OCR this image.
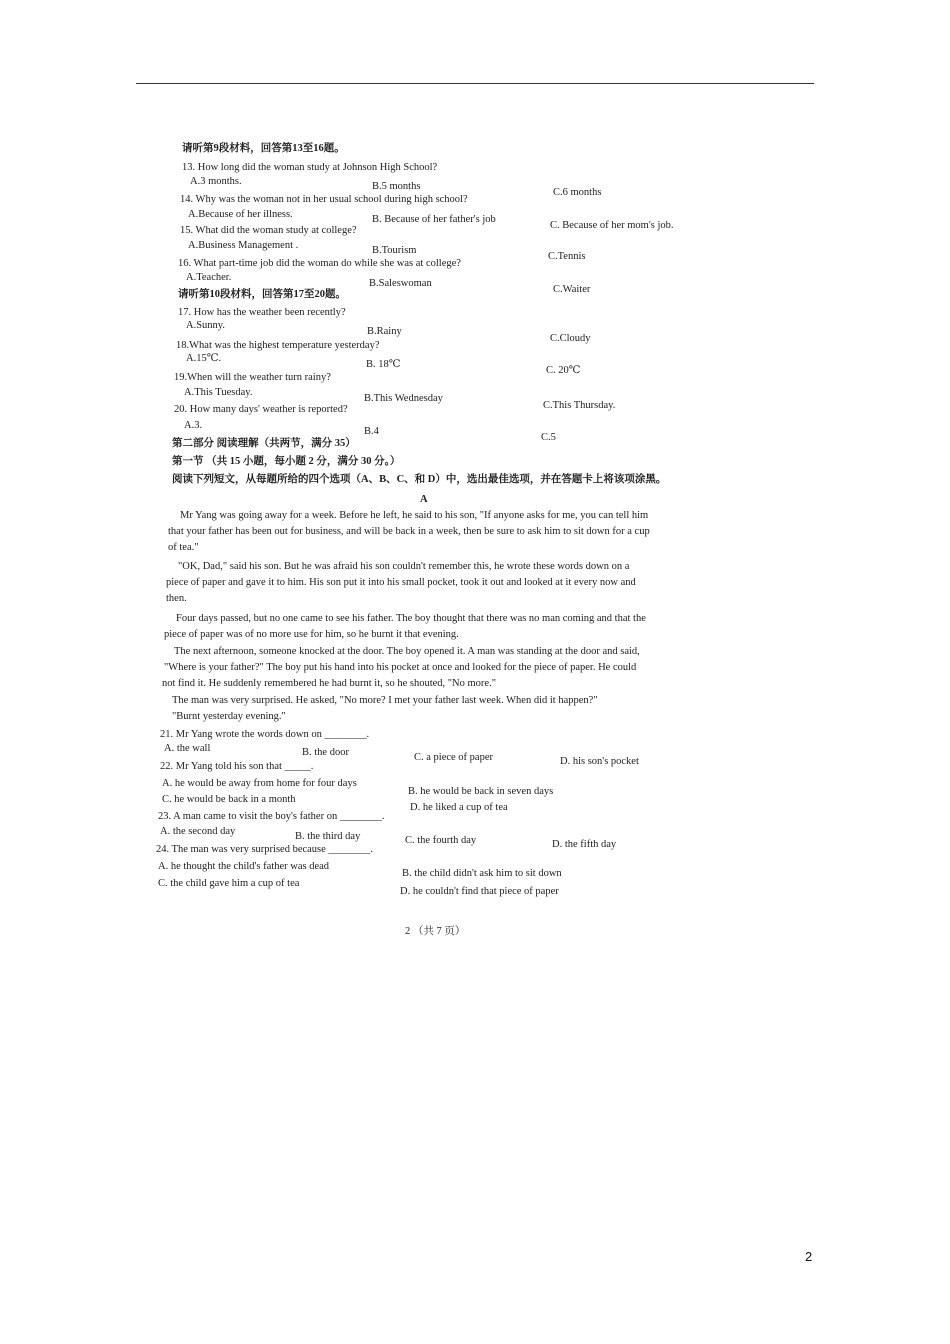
请听第9段材料，回答第13至16题。
13. How long did the woman study at Johnson High School?
A.3 months.	B.5 months
C.6 months
14. Why was the woman not in her usual school during high school?
A.Because of her illness.	B. Because of her father's job
C. Because of her mom's job.
15. What did the woman study at college?
A.Business Management .	B.Tourism
C.Tennis
16. What part-time job did the woman do while she was at college?
A.Teacher.
B.Saleswoman
C.Waiter
请听第10段材料，回答第17至20题。
17. How has the weather been recently?
A.Sunny.
B.Rainy
C.Cloudy
18.What was the highest temperature yesterday?
A.15℃.
B. 18℃
C. 20℃
19.When will the weather turn rainy?
A.This Tuesday.
B.This Wednesday
C.This Thursday.
20. How many days' weather is reported?
A.3.
B.4
C.5
第二部分 阅读理解（共两节，满分 35）
第一节 （共 15 小题，每小题 2 分，满分 30 分。）
阅读下列短文，从每题所给的四个选项（A、B、C、和 D）中，选出最佳选项，并在答题卡上将该项涂黑。
A
Mr Yang was going away for a week. Before he left, he said to his son, "If anyone asks for me, you can tell him
that your father has been out for business, and will be back in a week, then be sure to ask him to sit down for a cup
of tea."
"OK, Dad," said his son. But he was afraid his son couldn't remember this, he wrote these words down on a
piece of paper and gave it to him. His son put it into his small pocket, took it out and looked at it every now and
then.
Four days passed, but no one came to see his father. The boy thought that there was no man coming and that the
piece of paper was of no more use for him, so he burnt it that evening.
The next afternoon, someone knocked at the door. The boy opened it. A man was standing at the door and said,
"Where is your father?" The boy put his hand into his pocket at once and looked for the piece of paper. He could
not find it. He suddenly remembered he had burnt it, so he shouted, "No more."
The man was very surprised. He asked, "No more? I met your father last week. When did it happen?"
"Burnt yesterday evening."
21. Mr Yang wrote the words down on ________.
A. the wall	B. the door	C. a piece of paper	D. his son's pocket
22. Mr Yang told his son that _____.
A. he would be away from home for four days
B. he would be back in seven days
C. he would be back in a month
D. he liked a cup of tea
23. A man came to visit the boy's father on ________.
A. the second day	B. the third day	C. the fourth day	D. the fifth day
24. The man was very surprised because ________.
A. he thought the child's father was dead
B. the child didn't ask him to sit down
C. the child gave him a cup of tea
D. he couldn't find that piece of paper
2 （共 7 页）
2
